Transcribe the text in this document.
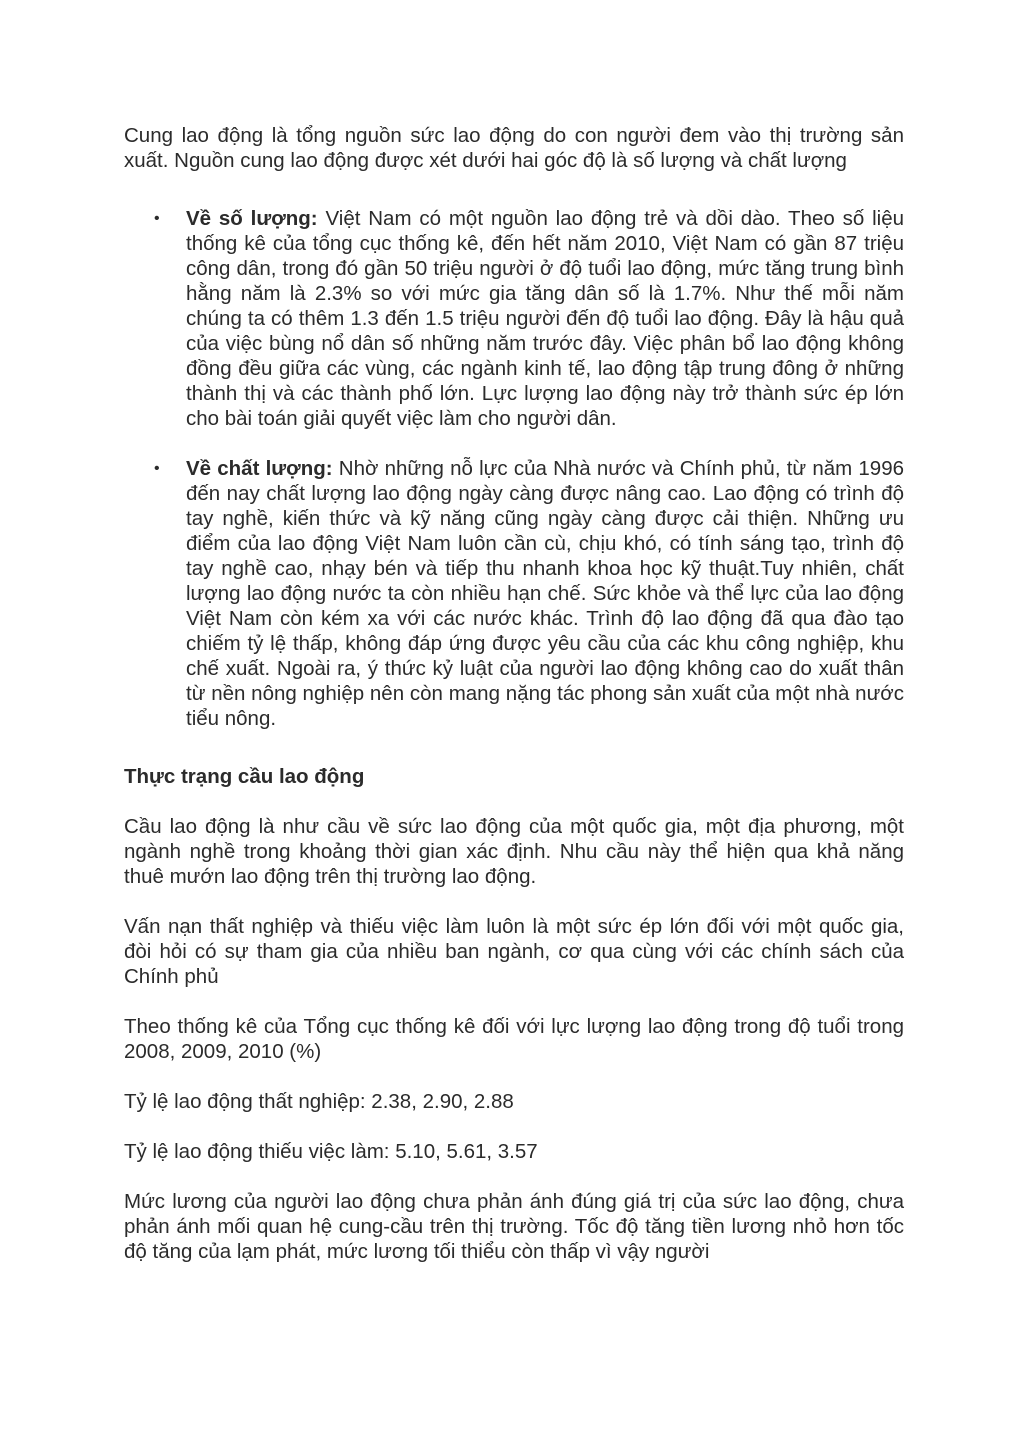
Cung lao động là tổng nguồn sức lao động do con người đem vào thị trường sản xuất. Nguồn cung lao động được xét dưới hai góc độ là số lượng và chất lượng

• Về số lượng: Việt Nam có một nguồn lao động trẻ và dồi dào. Theo số liệu thống kê của tổng cục thống kê, đến hết năm 2010, Việt Nam có gần 87 triệu công dân, trong đó gần 50 triệu người ở độ tuổi lao động, mức tăng trung bình hằng năm là 2.3% so với mức gia tăng dân số là 1.7%. Như thế mỗi năm chúng ta có thêm 1.3 đến 1.5 triệu người đến độ tuổi lao động. Đây là hậu quả của việc bùng nổ dân số những năm trước đây. Việc phân bổ lao động không đồng đều giữa các vùng, các ngành kinh tế, lao động tập trung đông ở những thành thị và các thành phố lớn. Lực lượng lao động này trở thành sức ép lớn cho bài toán giải quyết việc làm cho người dân.
• Về chất lượng: Nhờ những nỗ lực của Nhà nước và Chính phủ, từ năm 1996 đến nay chất lượng lao động ngày càng được nâng cao. Lao động có trình độ tay nghề, kiến thức và kỹ năng cũng ngày càng được cải thiện. Những ưu điểm của lao động Việt Nam luôn cần cù, chịu khó, có tính sáng tạo, trình độ tay nghề cao, nhạy bén và tiếp thu nhanh khoa học kỹ thuật.Tuy nhiên, chất lượng lao động nước ta còn nhiều hạn chế. Sức khỏe và thể lực của lao động Việt Nam còn kém xa với các nước khác. Trình độ lao động đã qua đào tạo chiếm tỷ lệ thấp, không đáp ứng được yêu cầu của các khu công nghiệp, khu chế xuất. Ngoài ra, ý thức kỷ luật của người lao động không cao do xuất thân từ nền nông nghiệp nên còn mang nặng tác phong sản xuất của một nhà nước tiểu nông.
Thực trạng cầu lao động

Cầu lao động là như cầu về sức lao động của một quốc gia, một địa phương, một ngành nghề trong khoảng thời gian xác định. Nhu cầu này thể hiện qua khả năng thuê mướn lao động trên thị trường lao động.

Vấn nạn thất nghiệp và thiếu việc làm luôn là một sức ép lớn đối với một quốc gia, đòi hỏi có sự tham gia của nhiều ban ngành, cơ qua cùng với các chính sách của Chính phủ

Theo thống kê của Tổng cục thống kê đối với lực lượng lao động trong độ tuổi trong 2008, 2009, 2010 (%)

Tỷ lệ lao động thất nghiệp: 2.38, 2.90, 2.88

Tỷ lệ lao động thiếu việc làm: 5.10, 5.61, 3.57

Mức lương của người lao động chưa phản ánh đúng giá trị của sức lao động, chưa phản ánh mối quan hệ cung-cầu trên thị trường. Tốc độ tăng tiền lương nhỏ hơn tốc độ tăng của lạm phát, mức lương tối thiểu còn thấp vì vậy người
